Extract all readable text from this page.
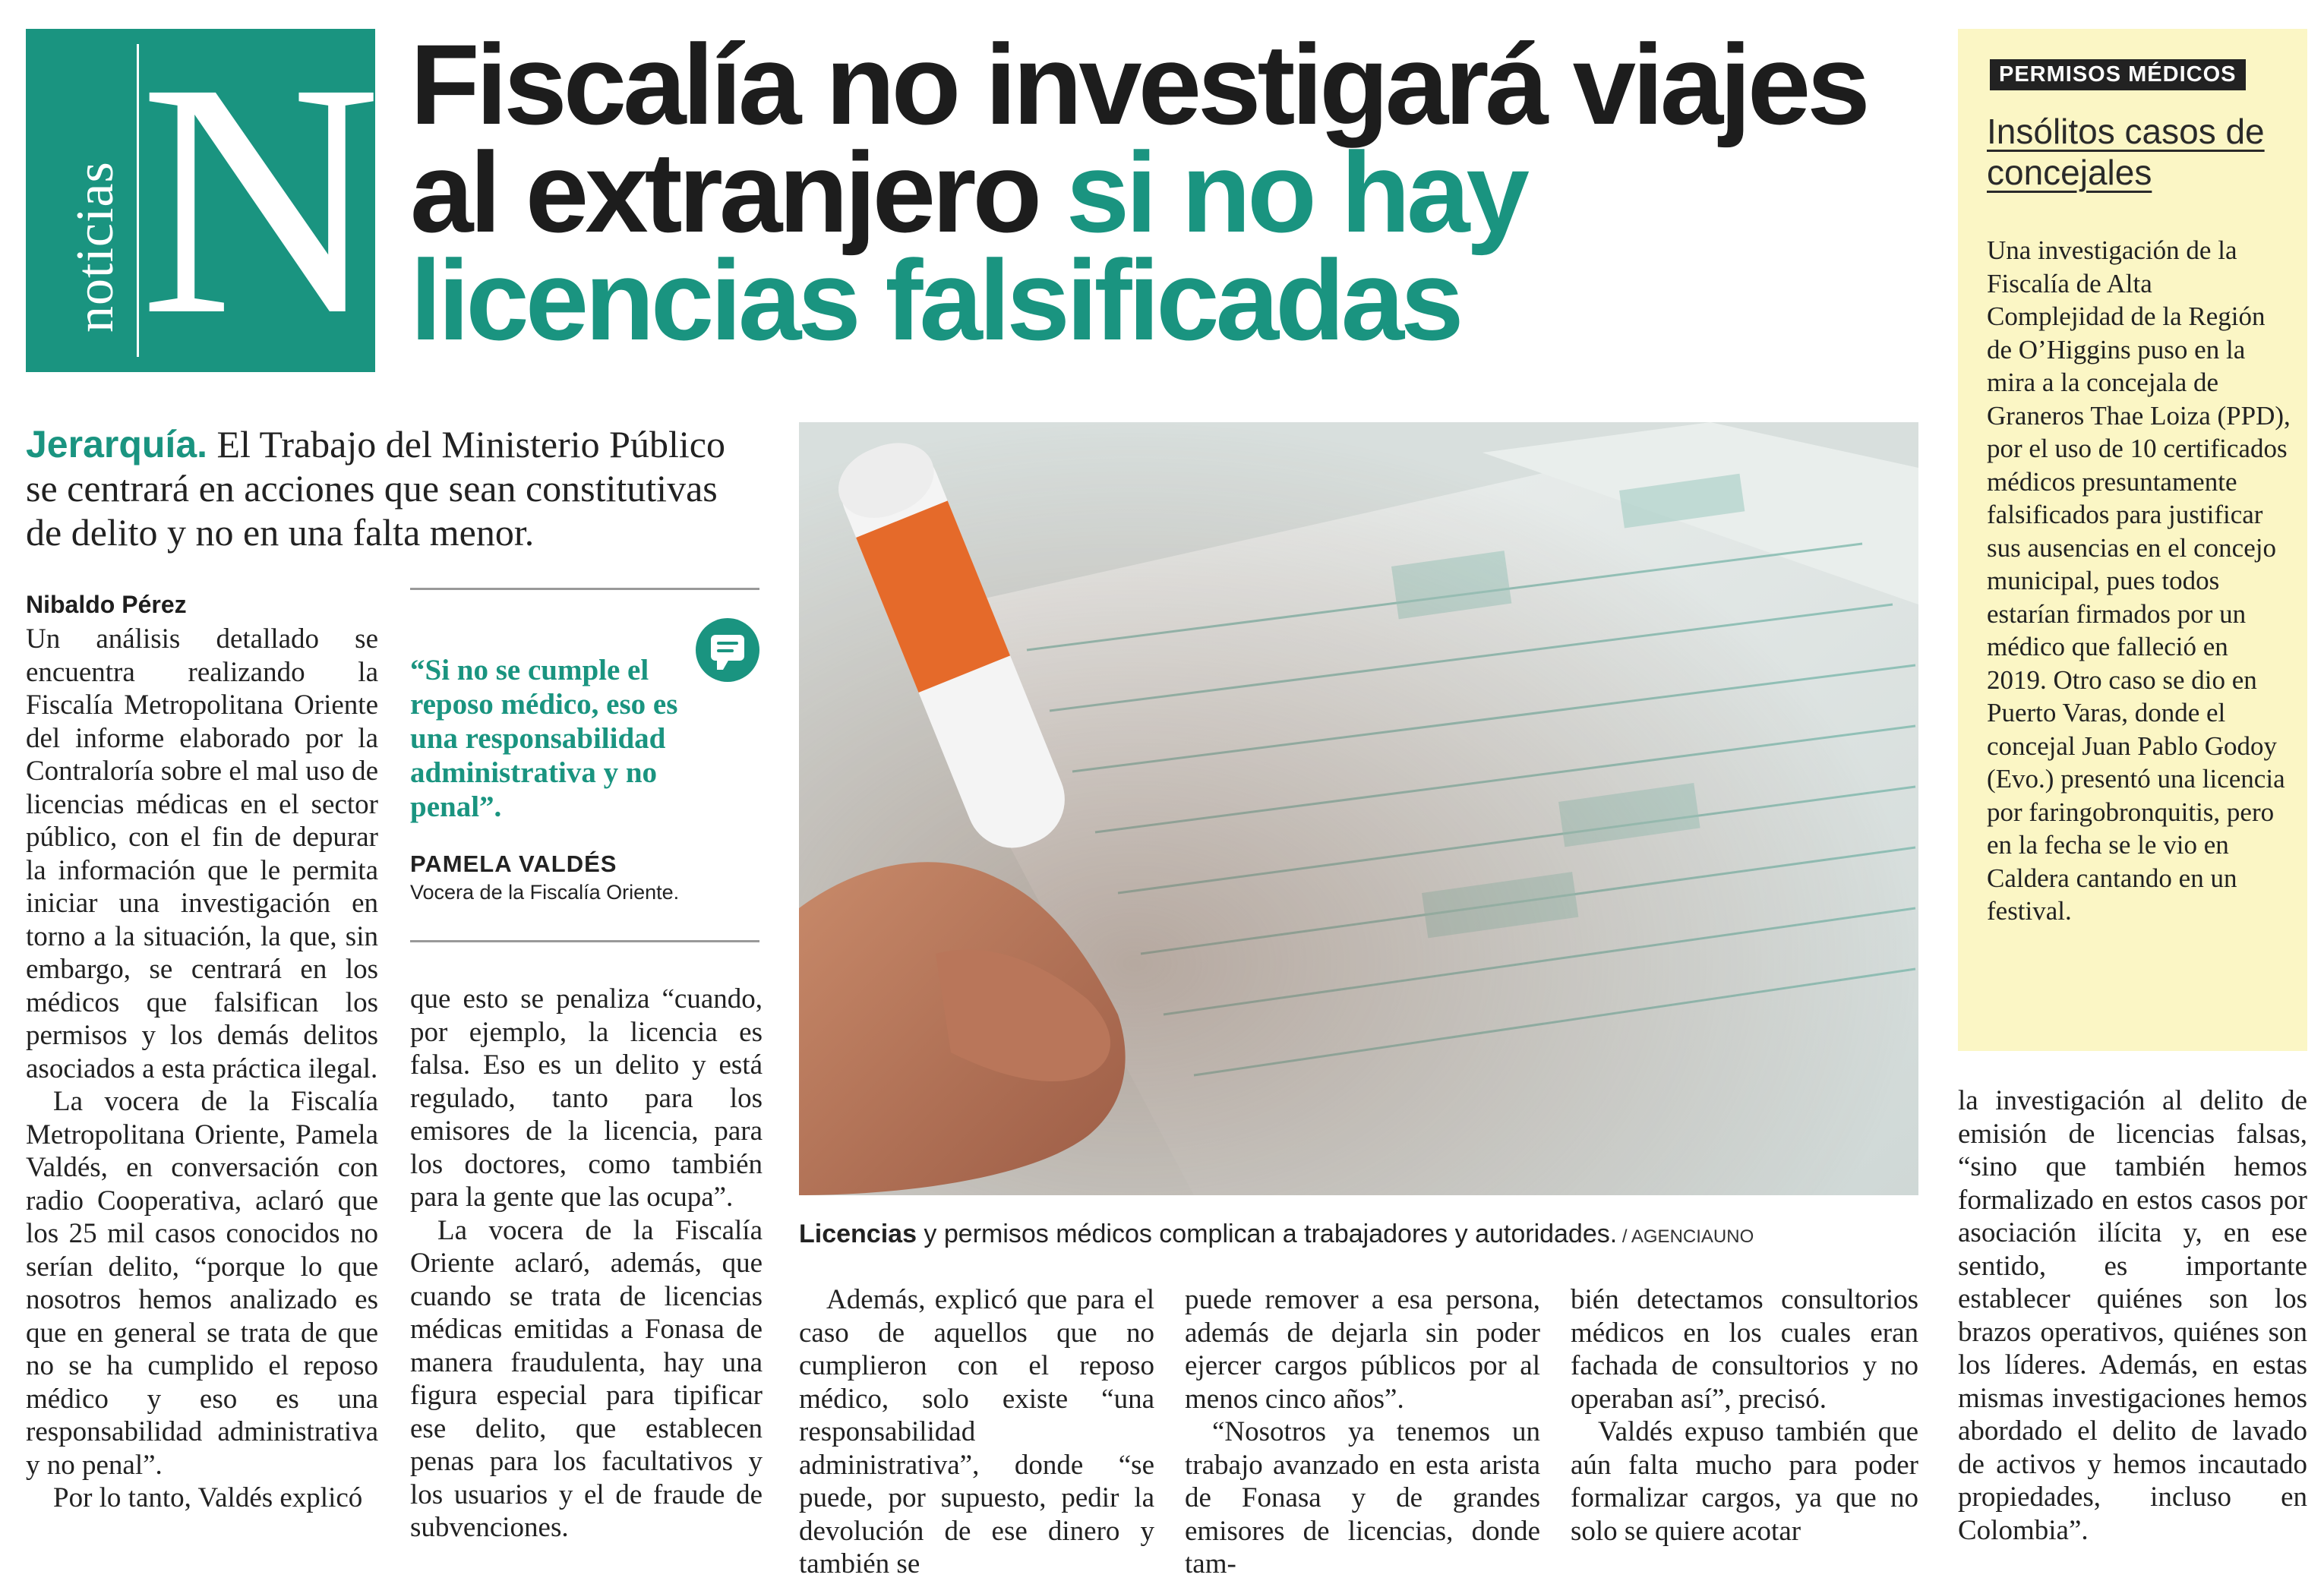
noticias N Fiscalía no investigará viajes al extranjero si no hay licencias falsificadas
Jerarquía. El Trabajo del Ministerio Público se centrará en acciones que sean constitutivas de delito y no en una falta menor.
Nibaldo Pérez

Un análisis detallado se encuentra realizando la Fiscalía Metropolitana Oriente del informe elaborado por la Contraloría sobre el mal uso de licencias médicas en el sector público, con el fin de depurar la información que le permita iniciar una investigación en torno a la situación, la que, sin embargo, se centrará en los médicos que falsifican los permisos y los demás delitos asociados a esta práctica ilegal.

La vocera de la Fiscalía Metropolitana Oriente, Pamela Valdés, en conversación con radio Cooperativa, aclaró que los 25 mil casos conocidos no serían delito, “porque lo que nosotros hemos analizado es que en general se trata de que no se ha cumplido el reposo médico y eso es una responsabilidad administrativa y no penal”.

Por lo tanto, Valdés explicó

“Si no se cumple el reposo médico, eso es una responsabilidad administrativa y no penal”.
PAMELA VALDÉS
Vocera de la Fiscalía Oriente.

que esto se penaliza “cuando, por ejemplo, la licencia es falsa. Eso es un delito y está regulado, tanto para los emisores de la licencia, para los doctores, como también para la gente que las ocupa”.

La vocera de la Fiscalía Oriente aclaró, además, que cuando se trata de licencias médicas emitidas a Fonasa de manera fraudulenta, hay una figura especial para tipificar ese delito, que establecen penas para los facultativos y los usuarios y el de fraude de subvenciones.

Licencias y permisos médicos complican a trabajadores y autoridades. / AGENCIAUNO

Además, explicó que para el caso de aquellos que no cumplieron con el reposo médico, solo existe “una responsabilidad administrativa”, donde “se puede, por supuesto, pedir la devolución de ese dinero y también se

puede remover a esa persona, además de dejarla sin poder ejercer cargos públicos por al menos cinco años”.

“Nosotros ya tenemos un trabajo avanzado en esta arista de Fonasa y de grandes emisores de licencias, donde tam-

bién detectamos consultorios médicos en los cuales eran fachada de consultorios y no operaban así”, precisó.

Valdés expuso también que aún falta mucho para poder formalizar cargos, ya que no solo se quiere acotar

la investigación al delito de emisión de licencias falsas, “sino que también hemos formalizado en estos casos por asociación ilícita y, en ese sentido, es importante establecer quiénes son los brazos operativos, quiénes son los líderes. Además, en estas mismas investigaciones hemos abordado el delito de lavado de activos y hemos incautado propiedades, incluso en Colombia”.

PERMISOS MÉDICOS
Insólitos casos de concejales
Una investigación de la Fiscalía de Alta Complejidad de la Región de O’Higgins puso en la mira a la concejala de Graneros Thae Loiza (PPD), por el uso de 10 certificados médicos presuntamente falsificados para justificar sus ausencias en el concejo municipal, pues todos estarían firmados por un médico que falleció en 2019. Otro caso se dio en Puerto Varas, donde el concejal Juan Pablo Godoy (Evo.) presentó una licencia por faringobronquitis, pero en la fecha se le vio en Caldera cantando en un festival.
